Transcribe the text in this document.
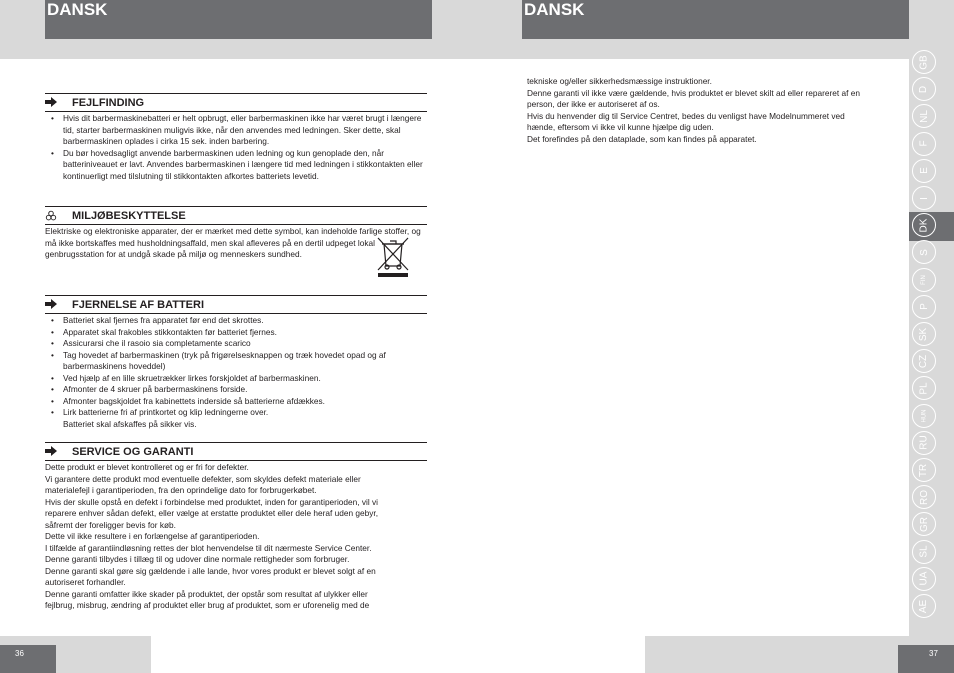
DANSK	DANSK
GB
D
NL
F
E
I
DK
S
FIN
P
SK
CZ
PL
HUN
RU
TR
RO
GR
SL
UA
AE
FEJLFINDING
• Hvis dit barbermaskinebatteri er helt opbrugt, eller barbermaskinen ikke har været brugt i længere tid, starter barbermaskinen muligvis ikke, når den anvendes med ledningen. Sker dette, skal barbermaskinen oplades i cirka 15 sek. inden barbering.
• Du bør hovedsagligt anvende barbermaskinen uden ledning og kun genoplade den, når batteriniveauet er lavt. Anvendes barbermaskinen i længere tid med ledningen i stikkontakten eller kontinuerligt med tilslutning til stikkontakten afkortes batteriets levetid.
MILJØBESKYTTELSE
Elektriske og elektroniske apparater, der er mærket med dette symbol, kan indeholde farlige stoffer, og må ikke bortskaffes med husholdningsaffald, men skal afleveres på en dertil udpeget lokal genbrugsstation for at undgå skade på miljø og menneskers sundhed.
FJERNELSE AF BATTERI
• Batteriet skal fjernes fra apparatet før end det skrottes.
• Apparatet skal frakobles stikkontakten før batteriet fjernes.
• Assicurarsi che il rasoio sia completamente scarico
• Tag hovedet af barbermaskinen (tryk på frigørelsesknappen og træk hovedet opad og af barbermaskinens hoveddel)
• Ved hjælp af en lille skruetrækker lirkes forskjoldet af barbermaskinen.
• Afmonter de 4 skruer på barbermaskinens forside.
• Afmonter bagskjoldet fra kabinettets inderside så batterierne afdækkes.
• Lirk batterierne fri af printkortet og klip ledningerne over.
Batteriet skal afskaffes på sikker vis.
SERVICE OG GARANTI

Dette produkt er blevet kontrolleret og er fri for defekter.

Vi garantere dette produkt mod eventuelle defekter, som skyldes defekt materiale eller

materialefejl i garantiperioden, fra den oprindelige dato for forbrugerkøbet.

Hvis der skulle opstå en defekt i forbindelse med produktet, inden for garantiperioden, vil vi

reparere enhver sådan defekt, eller vælge at erstatte produktet eller dele heraf uden gebyr,

såfremt der foreligger bevis for køb.

Dette vil ikke resultere i en forlængelse af garantiperioden.

I tilfælde af garantiindløsning rettes der blot henvendelse til dit nærmeste Service Center.

Denne garanti tilbydes i tillæg til og udover dine normale rettigheder som forbruger.

Denne garanti skal gøre sig gældende i alle lande, hvor vores produkt er blevet solgt af en

autoriseret forhandler.

Denne garanti omfatter ikke skader på produktet, der opstår som resultat af ulykker eller

fejlbrug, misbrug, ændring af produktet eller brug af produktet, som er uforenelig med de

tekniske og/eller sikkerhedsmæssige instruktioner.

Denne garanti vil ikke være gældende, hvis produktet er blevet skilt ad eller repareret af en

person, der ikke er autoriseret af os.

Hvis du henvender dig til Service Centret, bedes du venligst have Modelnummeret ved

hænde, eftersom vi ikke vil kunne hjælpe dig uden.

Det forefindes på den dataplade, som kan findes på apparatet.

36	37
